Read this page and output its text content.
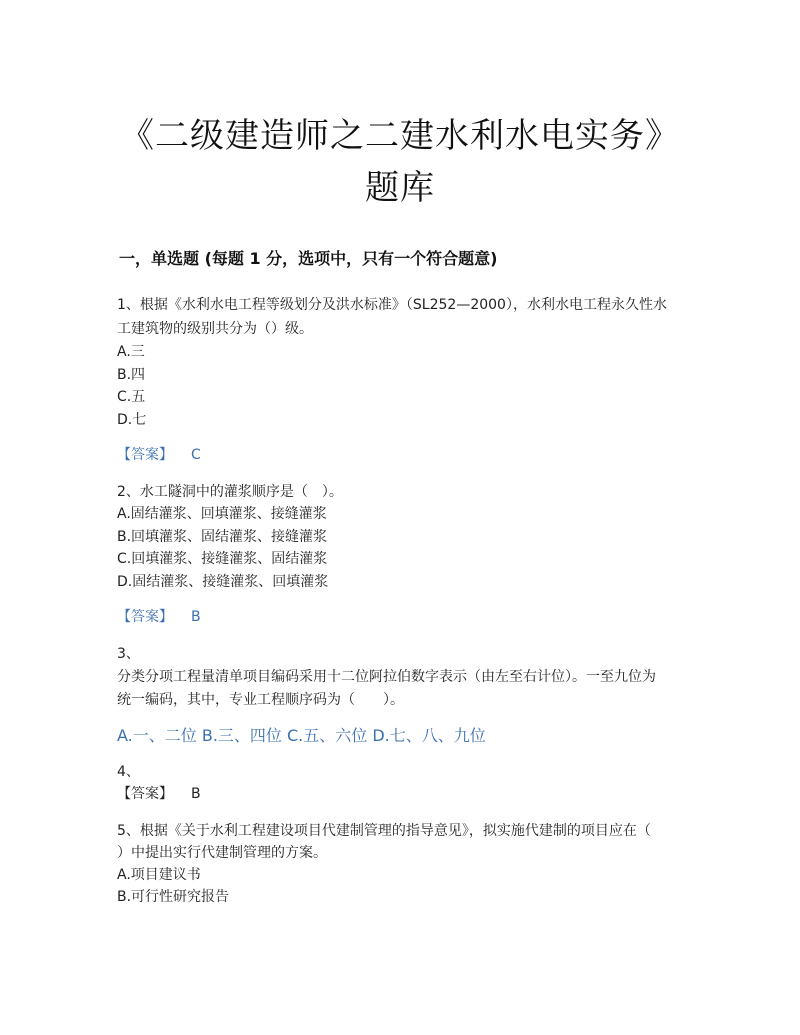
《二级建造师之二建水利水电实务》
题库
一，单选题 (每题 1 分，选项中，只有一个符合题意)
1、根据《水利水电工程等级划分及洪水标准》（SL252—2000），水利水电工程永久性水
工建筑物的级别共分为（）级。
A.三
B.四
C.五
D.七
【答案】 C
2、水工隧洞中的灌浆顺序是（　）。
A.固结灌浆、回填灌浆、接缝灌浆
B.回填灌浆、固结灌浆、接缝灌浆
C.回填灌浆、接缝灌浆、固结灌浆
D.固结灌浆、接缝灌浆、回填灌浆
【答案】 B
3、
分类分项工程量清单项目编码采用十二位阿拉伯数字表示（由左至右计位）。一至九位为
统一编码，其中，专业工程顺序码为（　　）。
A.一、二位 B.三、四位 C.五、六位 D.七、八、九位
4、
【答案】 B
5、根据《关于水利工程建设项目代建制管理的指导意见》，拟实施代建制的项目应在（
）中提出实行代建制管理的方案。
A.项目建议书
B.可行性研究报告
